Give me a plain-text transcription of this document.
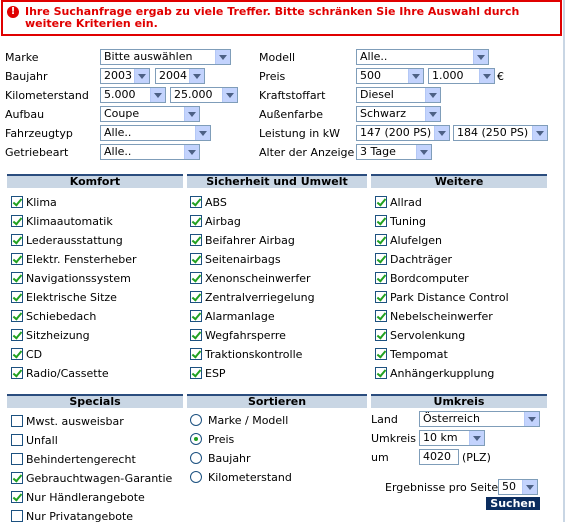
! Ihre Suchanfrage ergab zu viele Treffer. Bitte schränken Sie Ihre Auswahl durch weitere Kriterien ein.
Marke	Bitte auswählen	Modell	Alle..
Baujahr	2003	2004	Preis	500	1.000	€
Kilometerstand	5.000	25.000	Kraftstoffart	Diesel
Aufbau	Coupe	Außenfarbe	Schwarz
Fahrzeugtyp	Alle..	Leistung in kW	147 (200 PS)	184 (250 PS)
Getriebeart	Alle..	Alter der Anzeige 3 Tage
Komfort	Sicherheit und Umwelt	Weitere
Klima
Klimaautomatik
Lederausstattung
Elektr. Fensterheber
Navigationssystem
Elektrische Sitze
Schiebedach
Sitzheizung
CD
Radio/Cassette
ABS
Airbag
Beifahrer Airbag
Seitenairbags
Xenonscheinwerfer
Zentralverriegelung
Alarmanlage
Wegfahrsperre
Traktionskontrolle
ESP
Allrad
Tuning
Alufelgen
Dachträger
Bordcomputer
Park Distance Control
Nebelscheinwerfer
Servolenkung
Tempomat
Anhängerkupplung
Specials	Sortieren	Umkreis
Mwst. ausweisbar
Unfall
Behindertengerecht
Gebrauchtwagen-Garantie
Nur Händlerangebote
Nur Privatangebote
Marke / Modell
Preis
Baujahr
Kilometerstand
Land	Österreich
Umkreis 10 km
um	4020	(PLZ)
Ergebnisse pro Seite 50
Suchen
